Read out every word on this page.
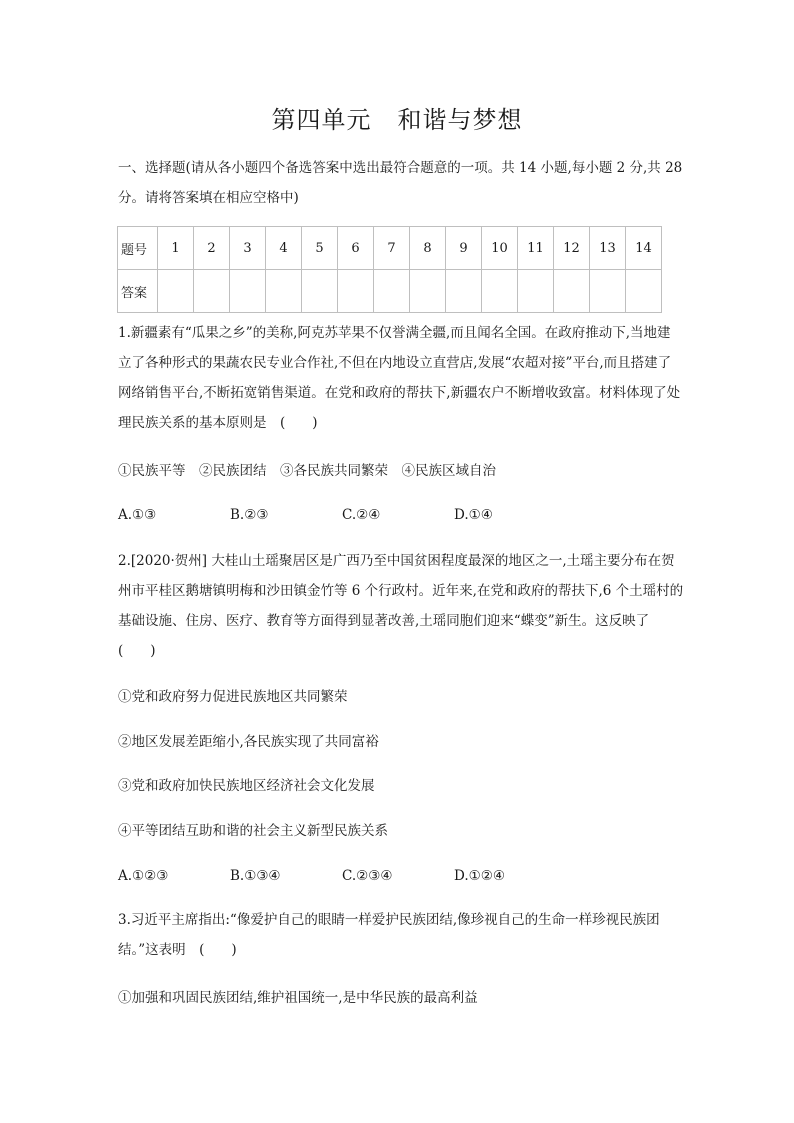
第四单元 和谐与梦想

一、选择题(请从各小题四个备选答案中选出最符合题意的一项。共 14 小题,每小题 2 分,共 28 分。请将答案填在相应空格中)

题号	1	2	3	4	5	6	7	8	9	10	11	12	13	14
答案														

1.新疆素有“瓜果之乡”的美称,阿克苏苹果不仅誉满全疆,而且闻名全国。在政府推动下,当地建立了各种形式的果蔬农民专业合作社,不但在内地设立直营店,发展“农超对接”平台,而且搭建了网络销售平台,不断拓宽销售渠道。在党和政府的帮扶下,新疆农户不断增收致富。材料体现了处理民族关系的基本原则是　(　　)

①民族平等　②民族团结　③各民族共同繁荣　④民族区域自治

A.①③	B.②③	C.②④	D.①④

2.[2020·贺州] 大桂山土瑶聚居区是广西乃至中国贫困程度最深的地区之一,土瑶主要分布在贺州市平桂区鹅塘镇明梅和沙田镇金竹等 6 个行政村。近年来,在党和政府的帮扶下,6 个土瑶村的基础设施、住房、医疗、教育等方面得到显著改善,土瑶同胞们迎来“蝶变”新生。这反映了　(　　)

①党和政府努力促进民族地区共同繁荣

②地区发展差距缩小,各民族实现了共同富裕

③党和政府加快民族地区经济社会文化发展

④平等团结互助和谐的社会主义新型民族关系

A.①②③	B.①③④	C.②③④	D.①②④

3.习近平主席指出:“像爱护自己的眼睛一样爱护民族团结,像珍视自己的生命一样珍视民族团结。”这表明　(　　)

①加强和巩固民族团结,维护祖国统一,是中华民族的最高利益
